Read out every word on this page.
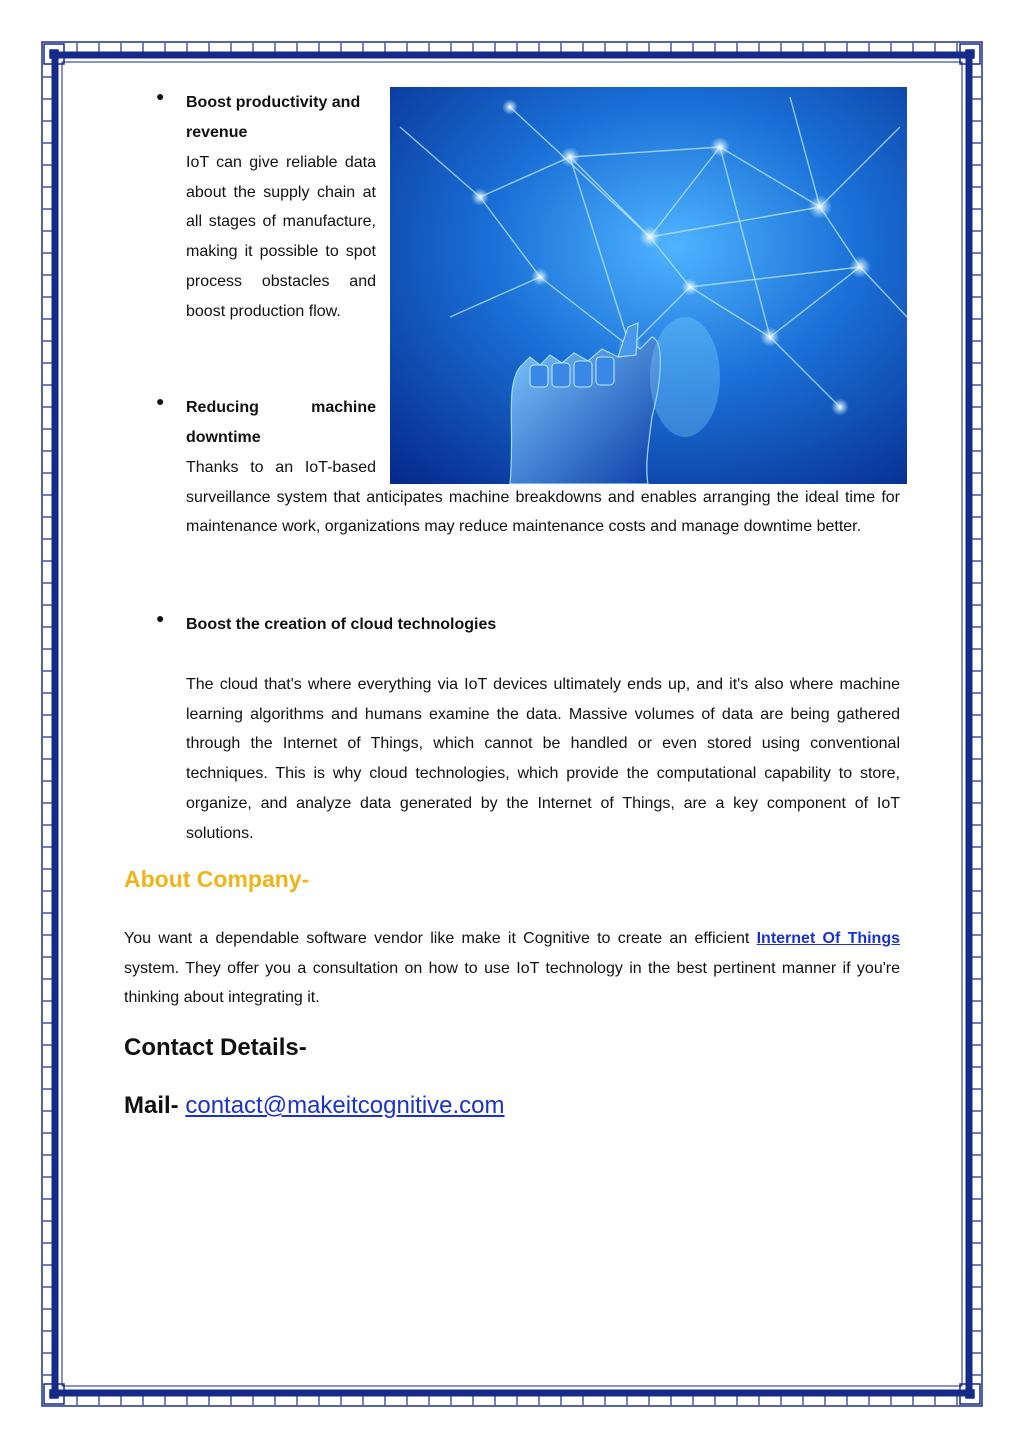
● Boost productivity and revenue
IoT can give reliable data about the supply chain at all stages of manufacture, making it possible to spot process obstacles and boost production flow.
● Reducing machine downtime
Thanks to an IoT-based
surveillance system that anticipates machine breakdowns and enables arranging the ideal time for maintenance work, organizations may reduce maintenance costs and manage downtime better.
● Boost the creation of cloud technologies
The cloud that's where everything via IoT devices ultimately ends up, and it's also where machine learning algorithms and humans examine the data. Massive volumes of data are being gathered through the Internet of Things, which cannot be handled or even stored using conventional techniques. This is why cloud technologies, which provide the computational capability to store, organize, and analyze data generated by the Internet of Things, are a key component of IoT solutions.
About Company-
You want a dependable software vendor like make it Cognitive to create an efficient Internet Of Things system. They offer you a consultation on how to use IoT technology in the best pertinent manner if you're thinking about integrating it.
Contact Details-
Mail- contact@makeitcognitive.com
